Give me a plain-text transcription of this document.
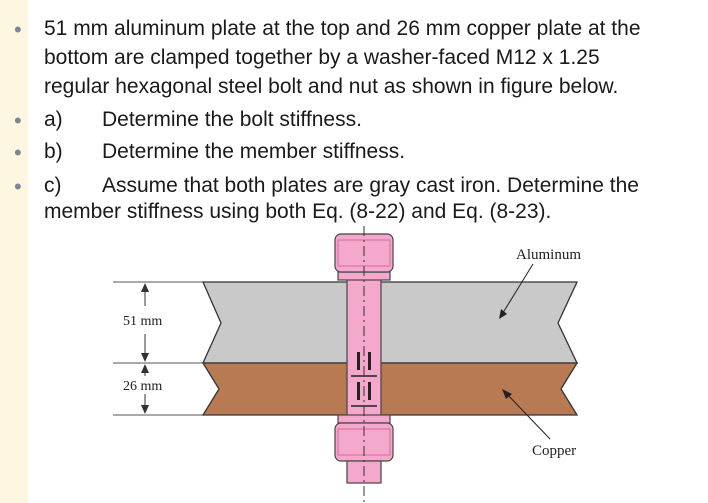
• 51 mm aluminum plate at the top and 26 mm copper plate at the
bottom are clamped together by a washer-faced M12 x 1.25
regular hexagonal steel bolt and nut as shown in figure below.
• a) Determine the bolt stiffness.
• b) Determine the member stiffness.
• c) Assume that both plates are gray cast iron. Determine the
member stiffness using both Eq. (8-22) and Eq. (8-23).
51 mm
26 mm
Aluminum
Copper
